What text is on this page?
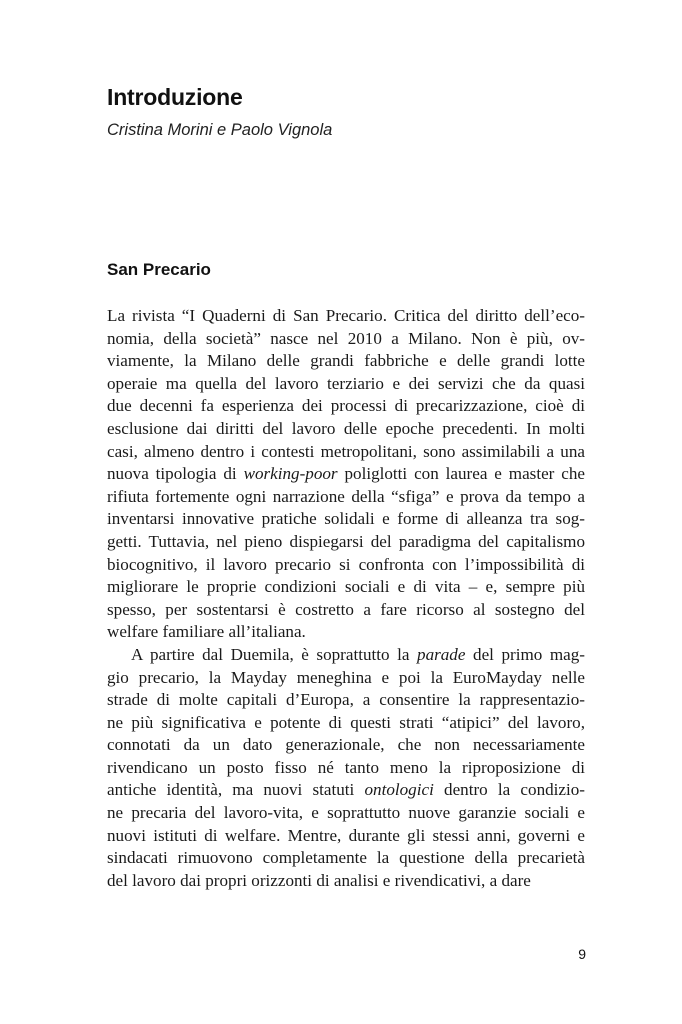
Introduzione

Cristina Morini e Paolo Vignola

San Precario
La rivista “I Quaderni di San Precario. Critica del diritto dell’eco-
nomia, della società” nasce nel 2010 a Milano. Non è più, ov-
viamente, la Milano delle grandi fabbriche e delle grandi lotte
operaie ma quella del lavoro terziario e dei servizi che da quasi
due decenni fa esperienza dei processi di precarizzazione, cioè di
esclusione dai diritti del lavoro delle epoche precedenti. In molti
casi, almeno dentro i contesti metropolitani, sono assimilabili a una
nuova tipologia di working-poor poliglotti con laurea e master che
rifiuta fortemente ogni narrazione della “sfiga” e prova da tempo a
inventarsi innovative pratiche solidali e forme di alleanza tra sog-
getti. Tuttavia, nel pieno dispiegarsi del paradigma del capitalismo
biocognitivo, il lavoro precario si confronta con l’impossibilità di
migliorare le proprie condizioni sociali e di vita – e, sempre più
spesso, per sostentarsi è costretto a fare ricorso al sostegno del
welfare familiare all’italiana.
A partire dal Duemila, è soprattutto la parade del primo mag-
gio precario, la Mayday meneghina e poi la EuroMayday nelle
strade di molte capitali d’Europa, a consentire la rappresentazio-
ne più significativa e potente di questi strati “atipici” del lavoro,
connotati da un dato generazionale, che non necessariamente
rivendicano un posto fisso né tanto meno la riproposizione di
antiche identità, ma nuovi statuti ontologici dentro la condizio-
ne precaria del lavoro-vita, e soprattutto nuove garanzie sociali e
nuovi istituti di welfare. Mentre, durante gli stessi anni, governi e
sindacati rimuovono completamente la questione della precarietà
del lavoro dai propri orizzonti di analisi e rivendicativi, a dare
9
